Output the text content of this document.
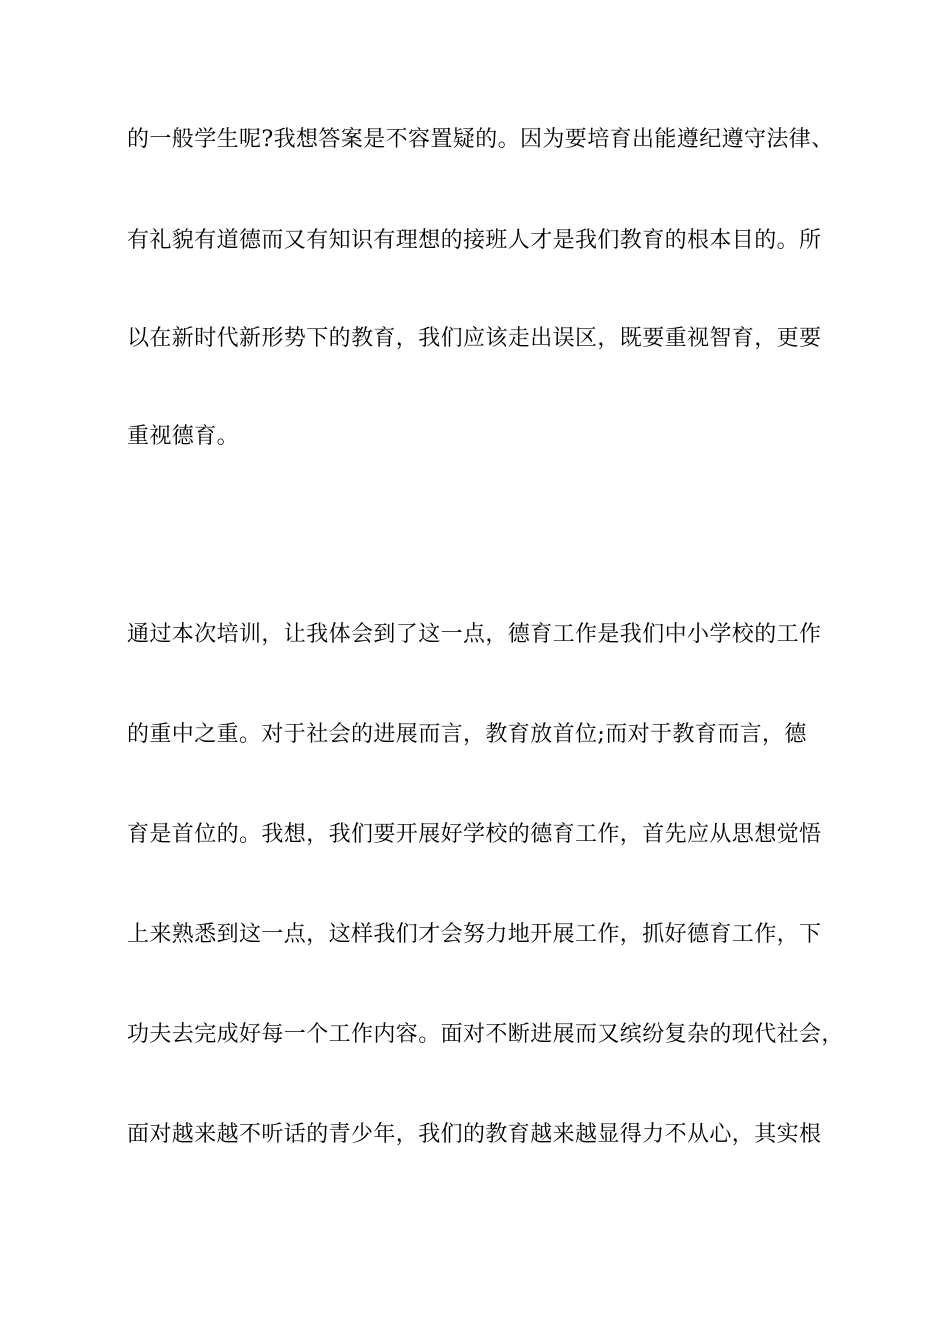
的一般学生呢?我想答案是不容置疑的。因为要培育出能遵纪遵守法律、
有礼貌有道德而又有知识有理想的接班人才是我们教育的根本目的。所
以在新时代新形势下的教育，我们应该走出误区，既要重视智育，更要
重视德育。
通过本次培训，让我体会到了这一点，德育工作是我们中小学校的工作
的重中之重。对于社会的进展而言，教育放首位;而对于教育而言，德
育是首位的。我想，我们要开展好学校的德育工作，首先应从思想觉悟
上来熟悉到这一点，这样我们才会努力地开展工作，抓好德育工作，下
功夫去完成好每一个工作内容。面对不断进展而又缤纷复杂的现代社会，
面对越来越不听话的青少年，我们的教育越来越显得力不从心，其实根
